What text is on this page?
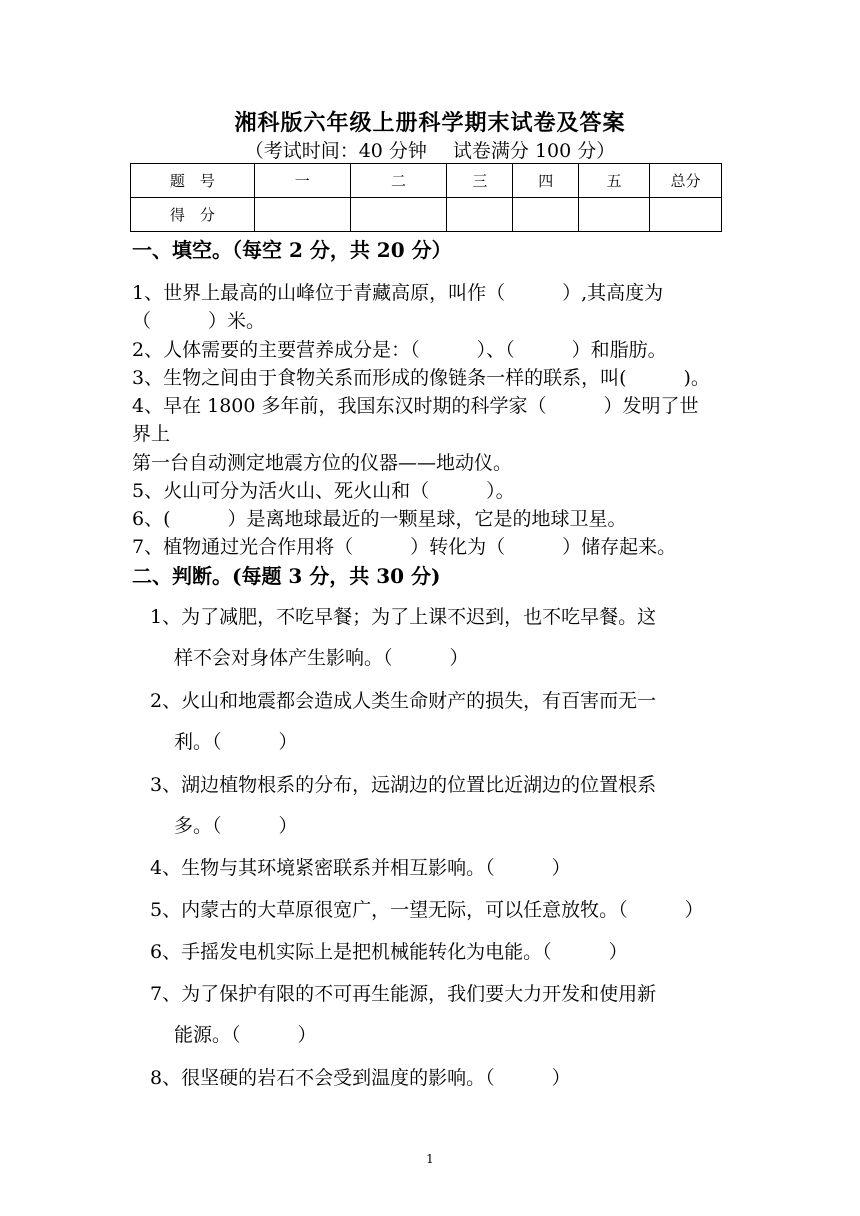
湘科版六年级上册科学期末试卷及答案
（考试时间：40 分钟 试卷满分 100 分）
题　号	一	二	三	四	五	总分
得　分						
一、填空。（每空 2 分，共 20 分）
1、世界上最高的山峰位于青藏高原，叫作（　　　）,其高度为
（　　　）米。
2、人体需要的主要营养成分是：（　　　）、（　　　）和脂肪。
3、生物之间由于食物关系而形成的像链条一样的联系，叫(　　　)。
4、早在 1800 多年前，我国东汉时期的科学家（　　　）发明了世
界上
第一台自动测定地震方位的仪器——地动仪。
5、火山可分为活火山、死火山和（　　　）。
6、(　　　）是离地球最近的一颗星球，它是的地球卫星。
7、植物通过光合作用将（　　　）转化为（　　　）储存起来。
二、判断。(每题 3 分，共 30 分)
1、为了减肥，不吃早餐；为了上课不迟到，也不吃早餐。这
样不会对身体产生影响。（　　　）
2、火山和地震都会造成人类生命财产的损失，有百害而无一
利。（　　　）
3、湖边植物根系的分布，远湖边的位置比近湖边的位置根系
多。（　　　）
4、生物与其环境紧密联系并相互影响。（　　　）
5、内蒙古的大草原很宽广，一望无际，可以任意放牧。（　　　）
6、手摇发电机实际上是把机械能转化为电能。（　　　）
7、为了保护有限的不可再生能源，我们要大力开发和使用新
能源。（　　　）
8、很坚硬的岩石不会受到温度的影响。（　　　）
1
